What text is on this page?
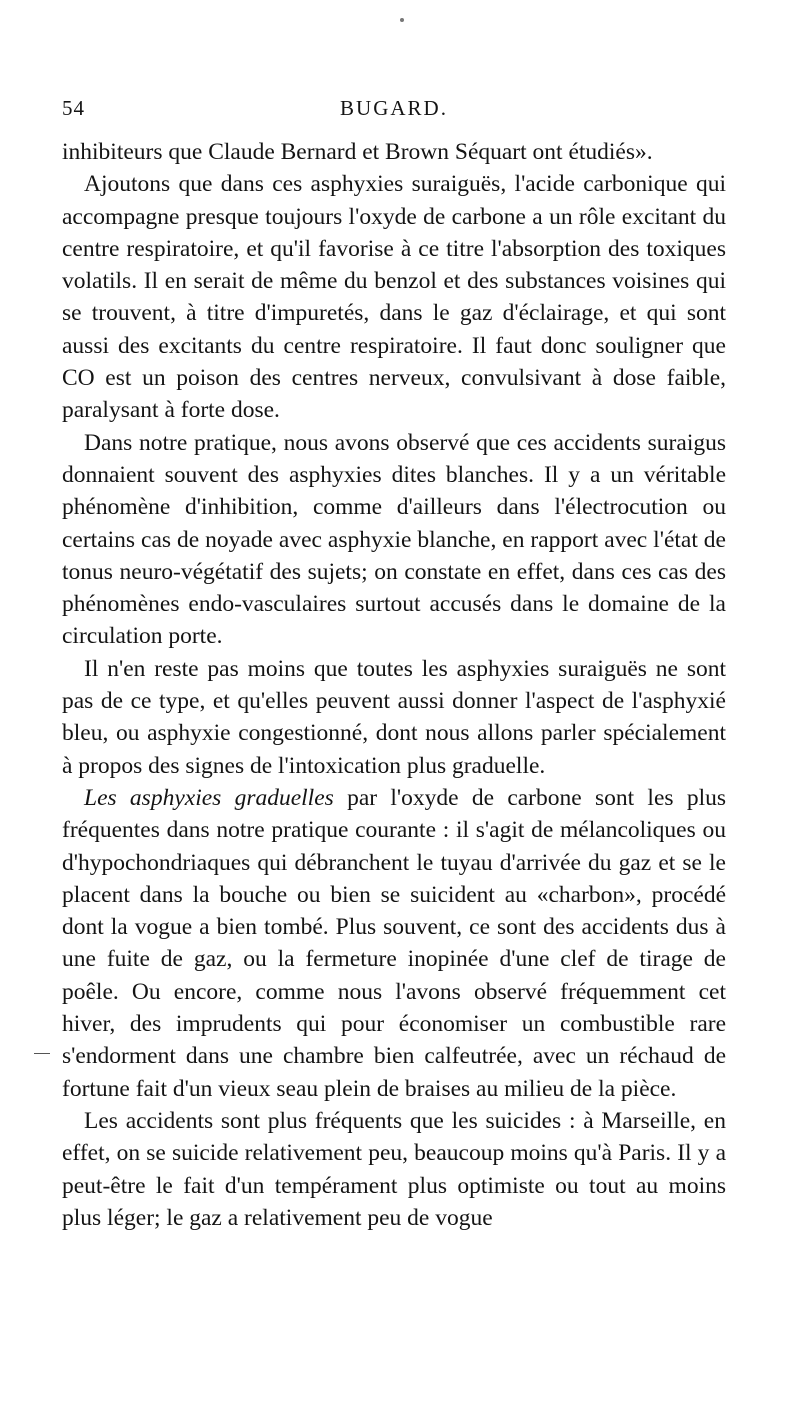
54	BUGARD.

inhibiteurs que Claude Bernard et Brown Séquart ont étudiés».

Ajoutons que dans ces asphyxies suraiguës, l'acide carbonique qui accompagne presque toujours l'oxyde de carbone a un rôle excitant du centre respiratoire, et qu'il favorise à ce titre l'absorption des toxiques volatils. Il en serait de même du benzol et des substances voisines qui se trouvent, à titre d'impuretés, dans le gaz d'éclairage, et qui sont aussi des excitants du centre respiratoire. Il faut donc souligner que CO est un poison des centres nerveux, convulsivant à dose faible, paralysant à forte dose.

Dans notre pratique, nous avons observé que ces accidents suraigus donnaient souvent des asphyxies dites blanches. Il y a un véritable phénomène d'inhibition, comme d'ailleurs dans l'électrocution ou certains cas de noyade avec asphyxie blanche, en rapport avec l'état de tonus neuro-végétatif des sujets; on constate en effet, dans ces cas des phénomènes endo-vasculaires surtout accusés dans le domaine de la circulation porte.

Il n'en reste pas moins que toutes les asphyxies suraiguës ne sont pas de ce type, et qu'elles peuvent aussi donner l'aspect de l'asphyxié bleu, ou asphyxie congestionné, dont nous allons parler spécialement à propos des signes de l'intoxication plus graduelle.

Les asphyxies graduelles par l'oxyde de carbone sont les plus fréquentes dans notre pratique courante : il s'agit de mélancoliques ou d'hypochondriaques qui débranchent le tuyau d'arrivée du gaz et se le placent dans la bouche ou bien se suicident au «charbon», procédé dont la vogue a bien tombé. Plus souvent, ce sont des accidents dus à une fuite de gaz, ou la fermeture inopinée d'une clef de tirage de poêle. Ou encore, comme nous l'avons observé fréquemment cet hiver, des imprudents qui pour économiser un combustible rare s'endorment dans une chambre bien calfeutrée, avec un réchaud de fortune fait d'un vieux seau plein de braises au milieu de la pièce.

Les accidents sont plus fréquents que les suicides : à Marseille, en effet, on se suicide relativement peu, beaucoup moins qu'à Paris. Il y a peut-être le fait d'un tempérament plus optimiste ou tout au moins plus léger; le gaz a relativement peu de vogue
